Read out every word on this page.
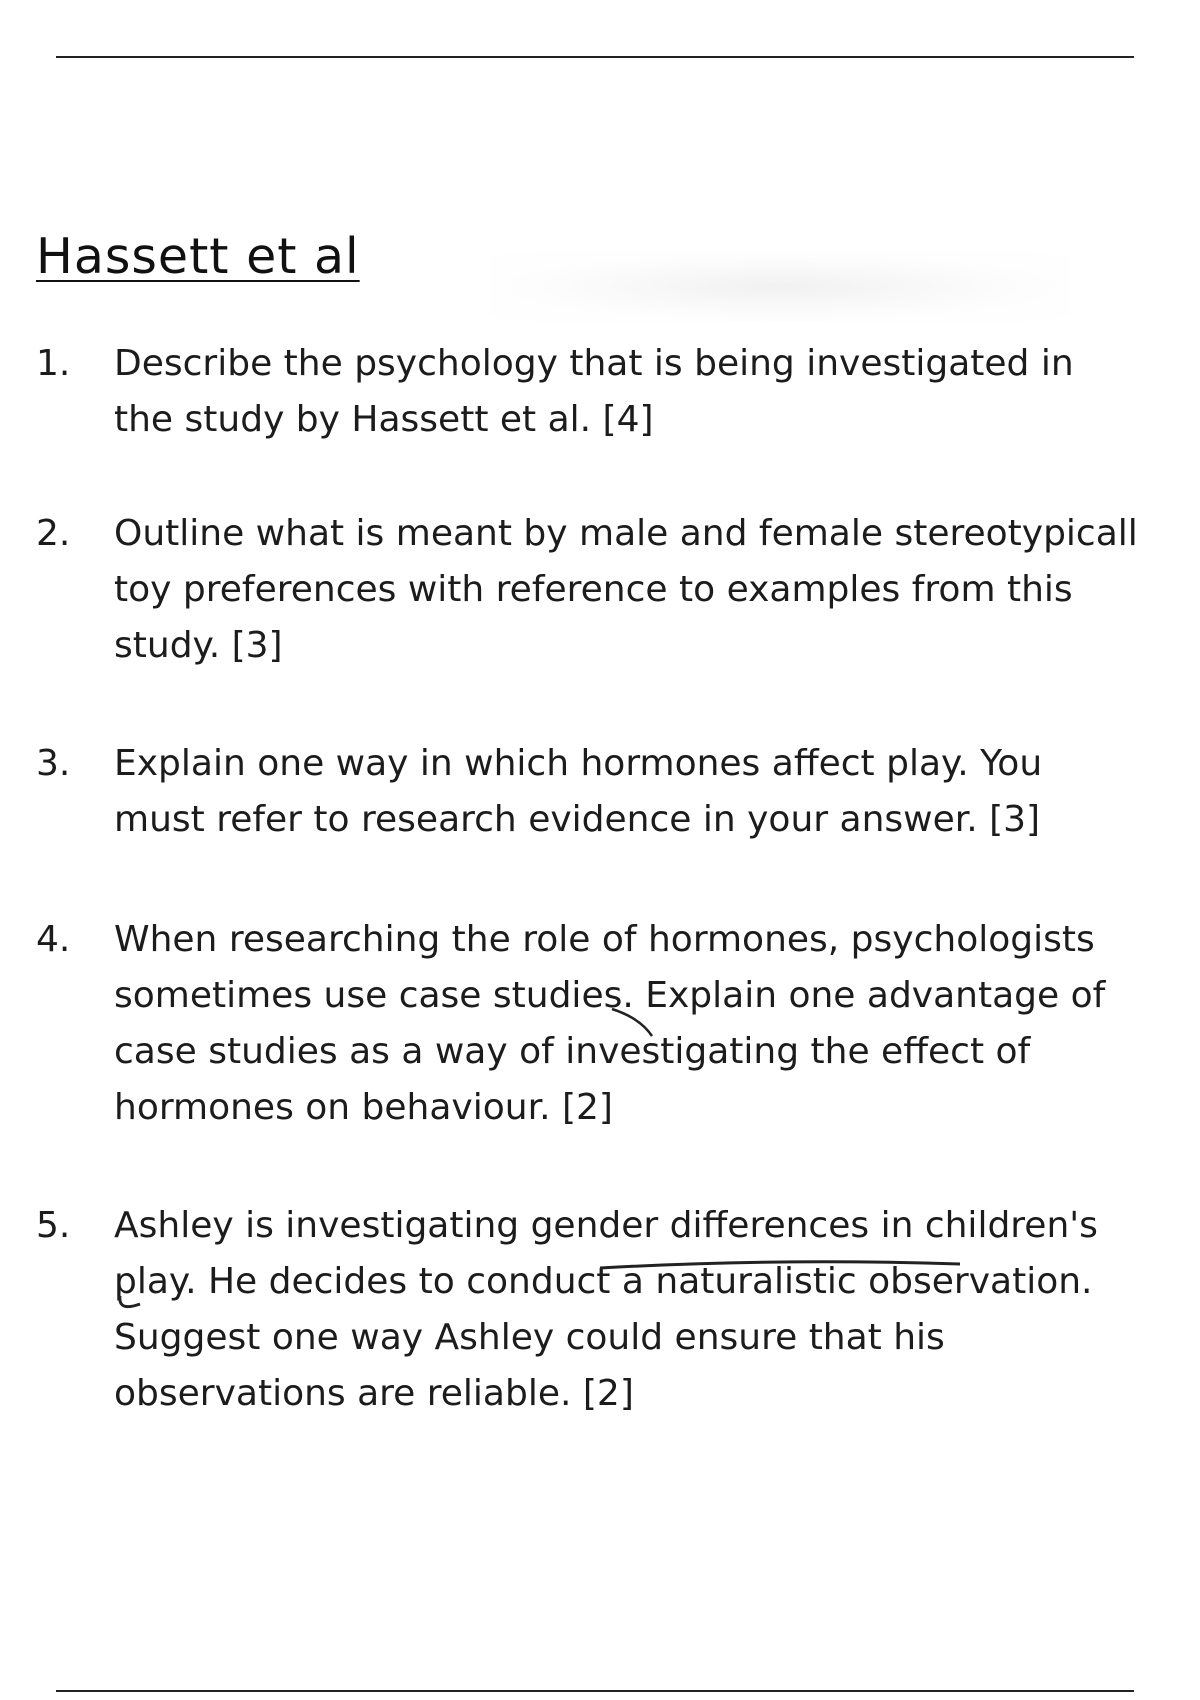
Hassett et al
1.	Describe the psychology that is being investigated in
the study by Hassett et al. [4]
2.	Outline what is meant by male and female stereotypicall
toy preferences with reference to examples from this
study. [3]
3.	Explain one way in which hormones affect play. You
must refer to research evidence in your answer. [3]
4.	When researching the role of hormones, psychologists
sometimes use case studies. Explain one advantage of
case studies as a way of investigating the effect of
hormones on behaviour. [2]
5.	Ashley is investigating gender differences in children's
play. He decides to conduct a naturalistic observation.
Suggest one way Ashley could ensure that his
observations are reliable. [2]
